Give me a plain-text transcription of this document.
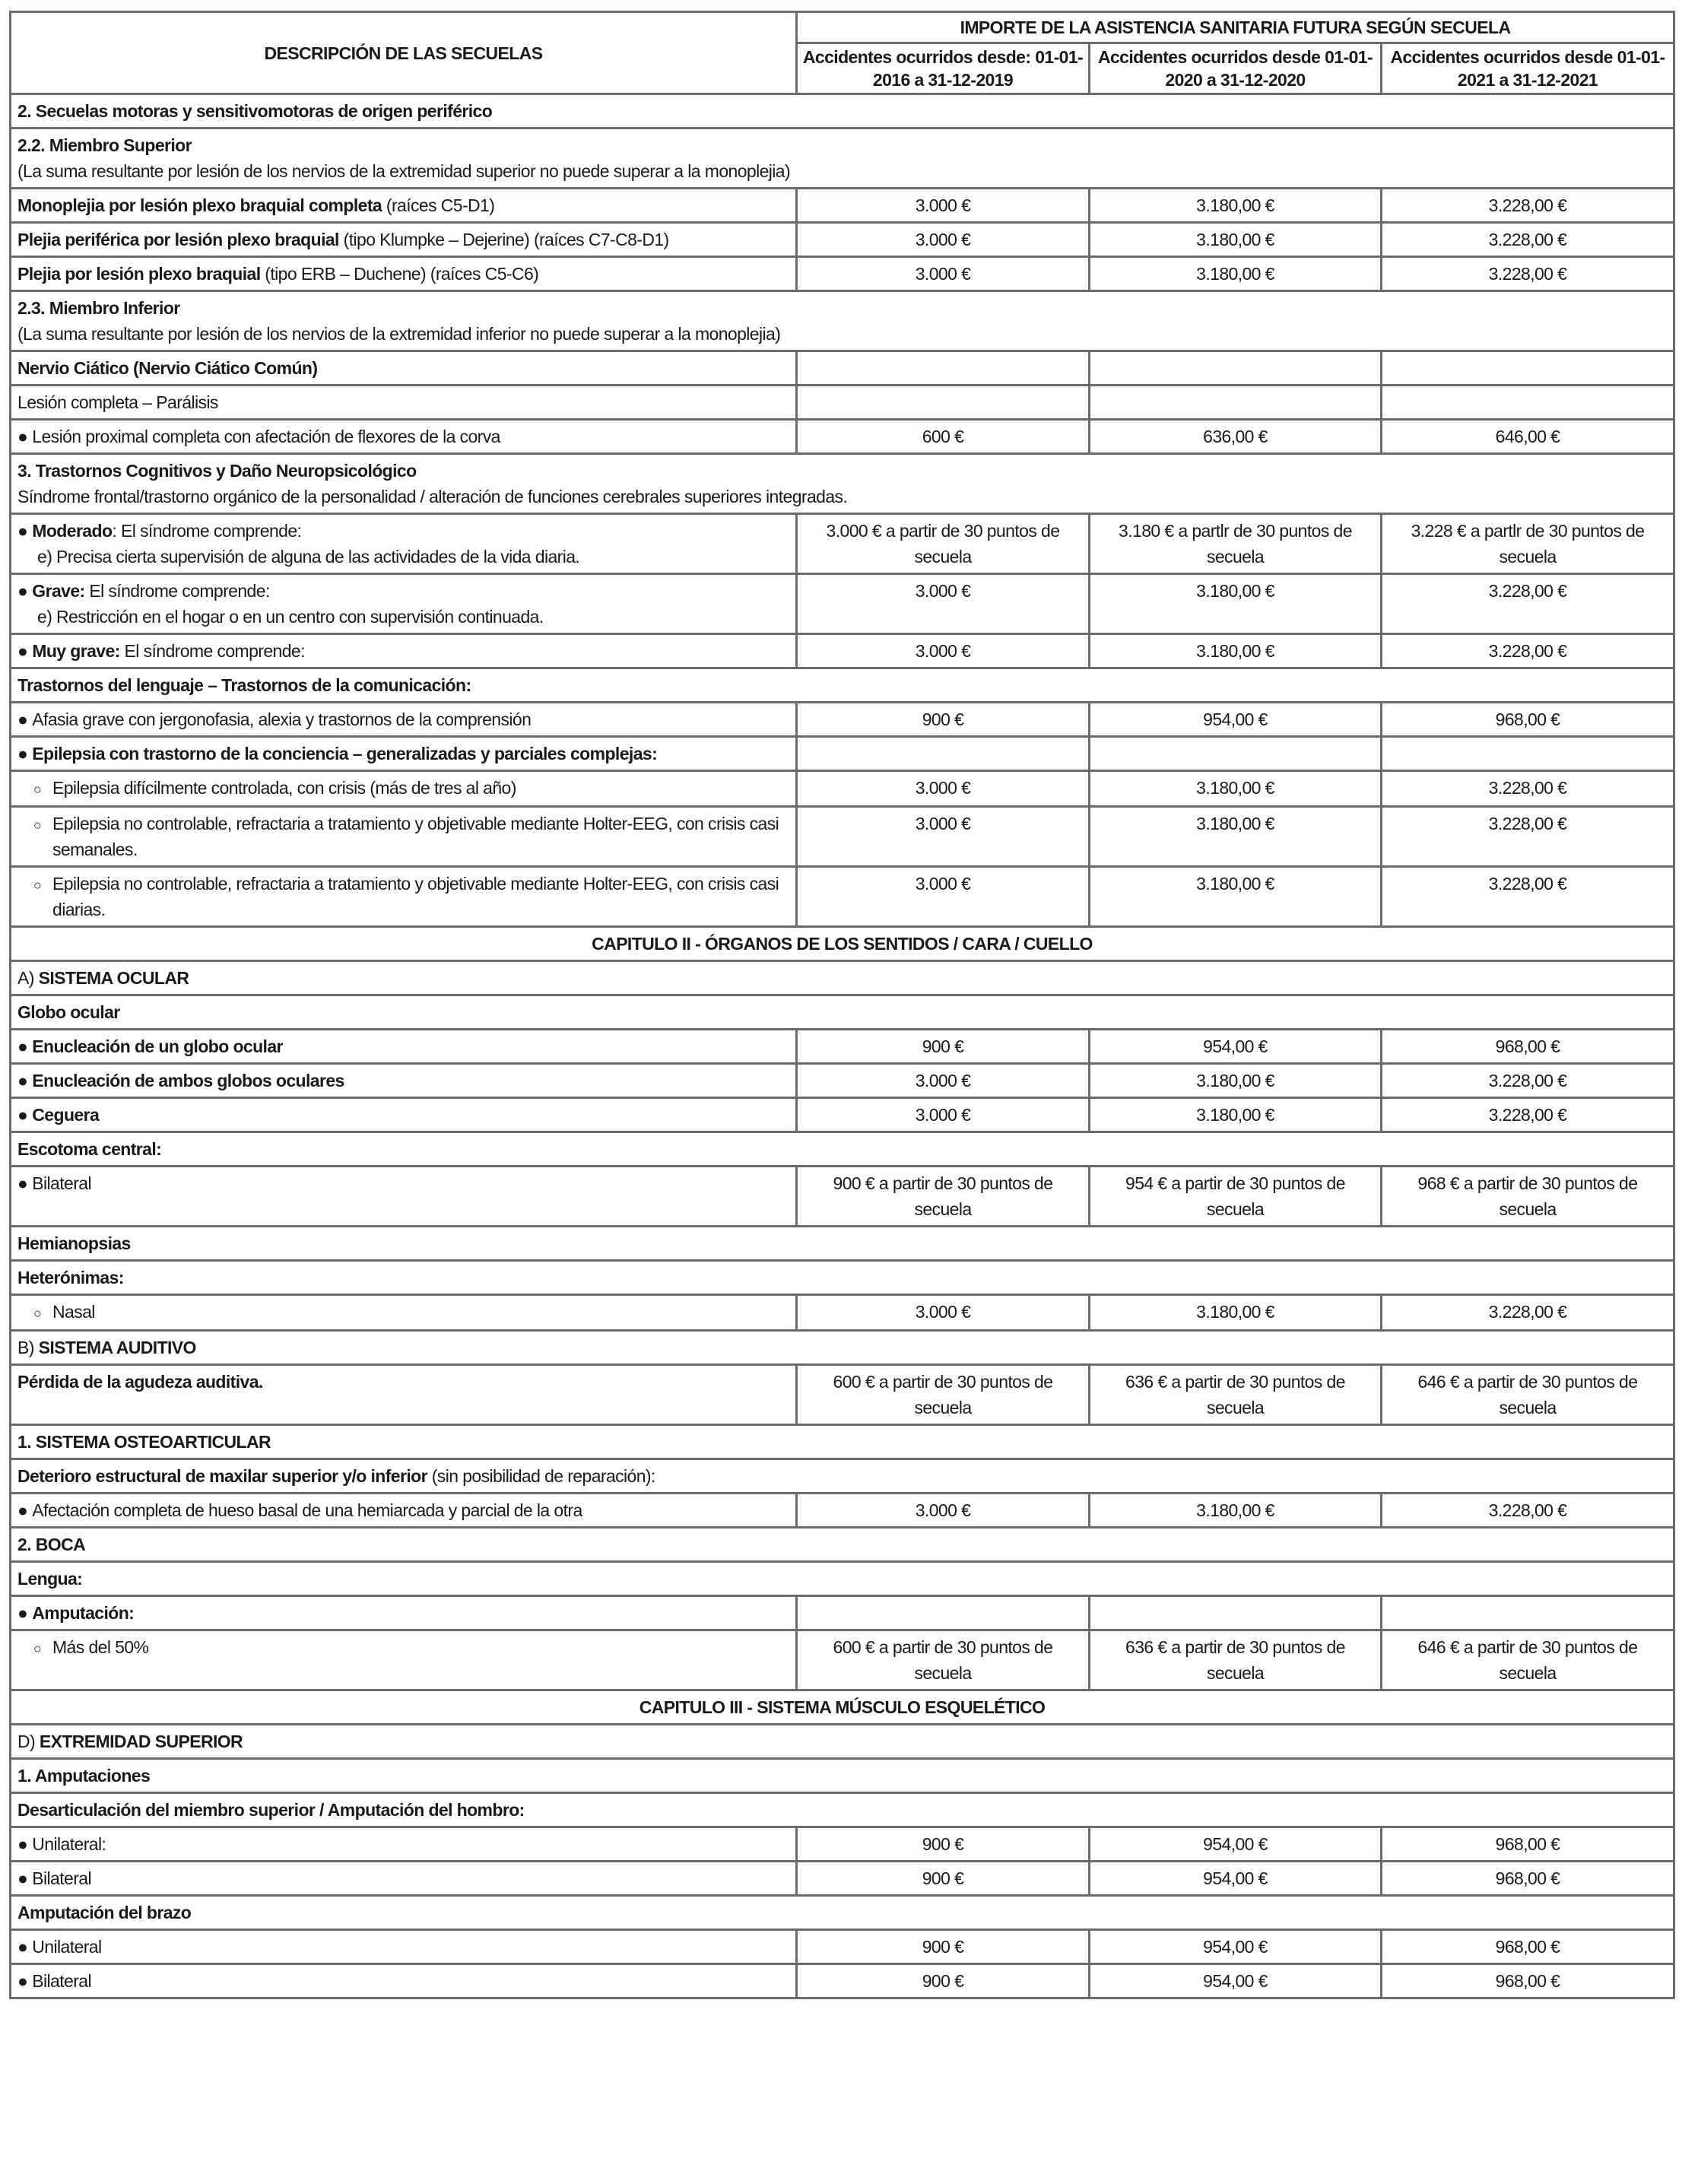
DESCRIPCIÓN DE LAS SECUELAS	IMPORTE DE LA ASISTENCIA SANITARIA FUTURA SEGÚN SECUELA		
	Accidentes ocurridos desde: 01-01-2016 a 31-12-2019	Accidentes ocurridos desde 01-01-2020 a 31-12-2020	Accidentes ocurridos desde 01-01-2021 a 31-12-2021
2. Secuelas motoras y sensitivomotoras de origen periférico			
2.2. Miembro Superior
(La suma resultante por lesión de los nervios de la extremidad superior no puede superar a la monoplejia)			

Monoplejia por lesión plexo braquial completa (raíces C5-D1)	3.000 €	3.180,00 €	3.228,00 €
Plejia periférica por lesión plexo braquial (tipo Klumpke – Dejerine) (raíces C7-C8-D1)	3.000 €	3.180,00 €	3.228,00 €
Plejia por lesión plexo braquial (tipo ERB – Duchene) (raíces C5-C6)	3.000 €	3.180,00 €	3.228,00 €
2.3. Miembro Inferior
(La suma resultante por lesión de los nervios de la extremidad inferior no puede superar a la monoplejia)			

Nervio Ciático (Nervio Ciático Común)			
Lesión completa – Parálisis			
● Lesión proximal completa con afectación de flexores de la corva	600 €	636,00 €	646,00 €
3. Trastornos Cognitivos y Daño Neuropsicológico
Síndrome frontal/trastorno orgánico de la personalidad / alteración de funciones cerebrales superiores integradas.			

● Moderado: El síndrome comprende:
e) Precisa cierta supervisión de alguna de las actividades de la vida diaria.	3.000 € a partir de 30 puntos de secuela	3.180 € a partlr de 30 puntos de secuela	3.228 € a partlr de 30 puntos de secuela
● Grave: El síndrome comprende:
e) Restricción en el hogar o en un centro con supervisión continuada.	3.000 €	3.180,00 €	3.228,00 €
● Muy grave: El síndrome comprende:	3.000 €	3.180,00 €	3.228,00 €
Trastornos del lenguaje – Trastornos de la comunicación:			
● Afasia grave con jergonofasia, alexia y trastornos de la comprensión	900 €	954,00 €	968,00 €
● Epilepsia con trastorno de la conciencia – generalizadas y parciales complejas:			
○ Epilepsia difícilmente controlada, con crisis (más de tres al año)	3.000 €	3.180,00 €	3.228,00 €
○ Epilepsia no controlable, refractaria a tratamiento y objetivable mediante Holter-EEG, con crisis casi semanales.	3.000 €	3.180,00 €	3.228,00 €
○ Epilepsia no controlable, refractaria a tratamiento y objetivable mediante Holter-EEG, con crisis casi diarias.	3.000 €	3.180,00 €	3.228,00 €
CAPITULO II - ÓRGANOS DE LOS SENTIDOS / CARA / CUELLO			
A) SISTEMA OCULAR			
Globo ocular			
● Enucleación de un globo ocular	900 €	954,00 €	968,00 €
● Enucleación de ambos globos oculares	3.000 €	3.180,00 €	3.228,00 €
● Ceguera	3.000 €	3.180,00 €	3.228,00 €
Escotoma central:			
● Bilateral	900 € a partir de 30 puntos de secuela	954 € a partir de 30 puntos de secuela	968 € a partir de 30 puntos de secuela
Hemianopsias			
Heterónimas:			
○ Nasal	3.000 €	3.180,00 €	3.228,00 €
B) SISTEMA AUDITIVO			
Pérdida de la agudeza auditiva.	600 € a partir de 30 puntos de secuela	636 € a partir de 30 puntos de secuela	646 € a partir de 30 puntos de secuela
1. SISTEMA OSTEOARTICULAR			
Deterioro estructural de maxilar superior y/o inferior (sin posibilidad de reparación):			
● Afectación completa de hueso basal de una hemiarcada y parcial de la otra	3.000 €	3.180,00 €	3.228,00 €
2. BOCA			
Lengua:			
● Amputación:			
○ Más del 50%	600 € a partir de 30 puntos de secuela	636 € a partir de 30 puntos de secuela	646 € a partir de 30 puntos de secuela
CAPITULO III - SISTEMA MÚSCULO ESQUELÉTICO			
D) EXTREMIDAD SUPERIOR			
1. Amputaciones			
Desarticulación del miembro superior / Amputación del hombro:			
● Unilateral:	900 €	954,00 €	968,00 €
● Bilateral	900 €	954,00 €	968,00 €
Amputación del brazo			
● Unilateral	900 €	954,00 €	968,00 €
● Bilateral	900 €	954,00 €	968,00 €
